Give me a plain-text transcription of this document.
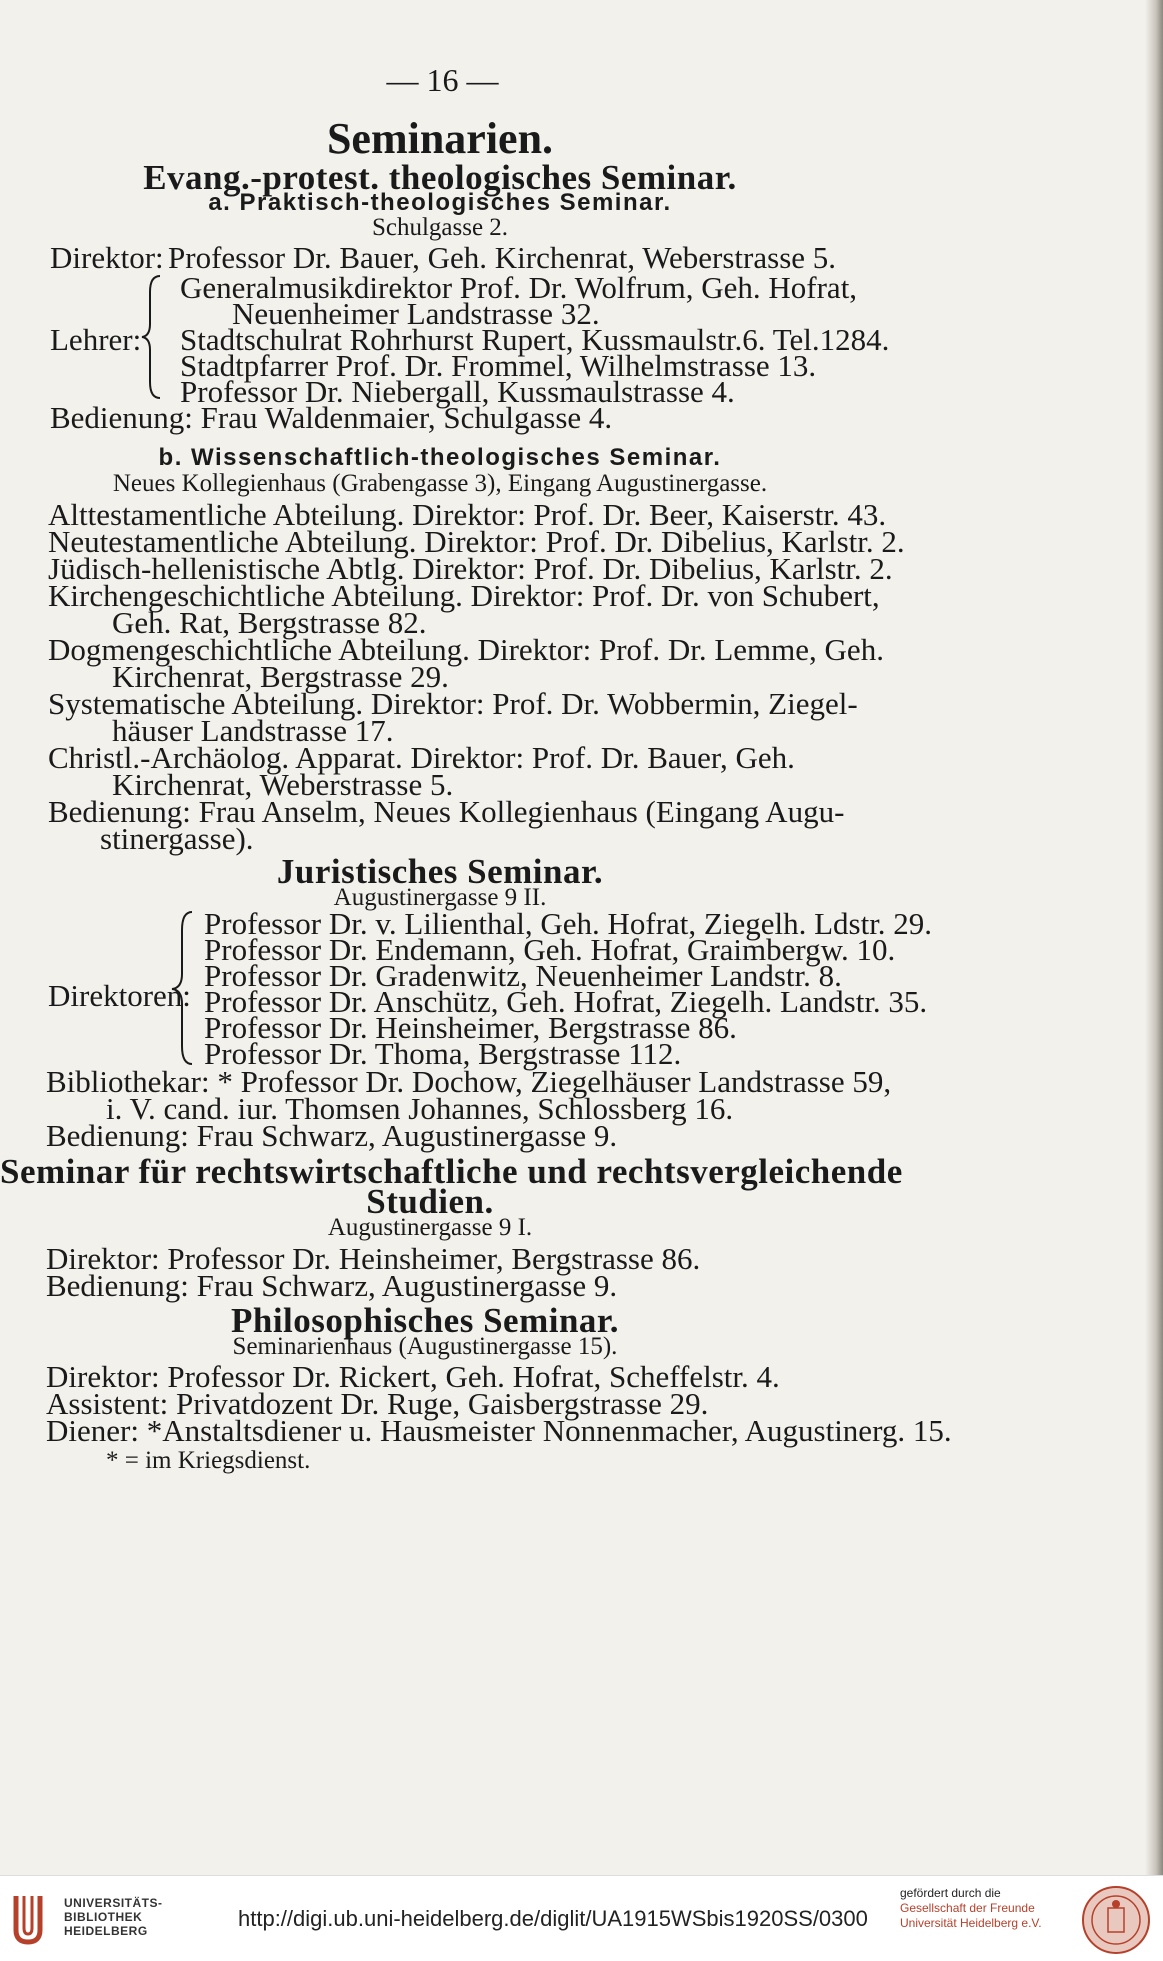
— 16 —
Seminarien.
Evang.-protest. theologisches Seminar.
a. Praktisch-theologisches Seminar.
Schulgasse 2.
Direktor: Professor Dr. Bauer, Geh. Kirchenrat, Weberstrasse 5.
Lehrer:
Generalmusikdirektor Prof. Dr. Wolfrum, Geh. Hofrat,
Neuenheimer Landstrasse 32.
Stadtschulrat Rohrhurst Rupert, Kussmaulstr.6. Tel.1284.
Stadtpfarrer Prof. Dr. Frommel, Wilhelmstrasse 13.
Professor Dr. Niebergall, Kussmaulstrasse 4.
Bedienung: Frau Waldenmaier, Schulgasse 4.
b. Wissenschaftlich-theologisches Seminar.
Neues Kollegienhaus (Grabengasse 3), Eingang Augustinergasse.
Alttestamentliche Abteilung. Direktor: Prof. Dr. Beer, Kaiserstr. 43.
Neutestamentliche Abteilung. Direktor: Prof. Dr. Dibelius, Karlstr. 2.
Jüdisch-hellenistische Abtlg. Direktor: Prof. Dr. Dibelius, Karlstr. 2.
Kirchengeschichtliche Abteilung. Direktor: Prof. Dr. von Schubert,
Geh. Rat, Bergstrasse 82.
Dogmengeschichtliche Abteilung. Direktor: Prof. Dr. Lemme, Geh.
Kirchenrat, Bergstrasse 29.
Systematische Abteilung. Direktor: Prof. Dr. Wobbermin, Ziegel-
häuser Landstrasse 17.
Christl.-Archäolog. Apparat. Direktor: Prof. Dr. Bauer, Geh.
Kirchenrat, Weberstrasse 5.
Bedienung: Frau Anselm, Neues Kollegienhaus (Eingang Augu-
stinergasse).
Juristisches Seminar.
Augustinergasse 9 II.
Direktoren:
Professor Dr. v. Lilienthal, Geh. Hofrat, Ziegelh. Ldstr. 29.
Professor Dr. Endemann, Geh. Hofrat, Graimbergw. 10.
Professor Dr. Gradenwitz, Neuenheimer Landstr. 8.
Professor Dr. Anschütz, Geh. Hofrat, Ziegelh. Landstr. 35.
Professor Dr. Heinsheimer, Bergstrasse 86.
Professor Dr. Thoma, Bergstrasse 112.
Bibliothekar: * Professor Dr. Dochow, Ziegelhäuser Landstrasse 59,
i. V. cand. iur. Thomsen Johannes, Schlossberg 16.
Bedienung: Frau Schwarz, Augustinergasse 9.
Seminar für rechtswirtschaftliche und rechtsvergleichende
Studien.
Augustinergasse 9 I.
Direktor: Professor Dr. Heinsheimer, Bergstrasse 86.
Bedienung: Frau Schwarz, Augustinergasse 9.
Philosophisches Seminar.
Seminarienhaus (Augustinergasse 15).
Direktor: Professor Dr. Rickert, Geh. Hofrat, Scheffelstr. 4.
Assistent: Privatdozent Dr. Ruge, Gaisbergstrasse 29.
Diener: *Anstaltsdiener u. Hausmeister Nonnenmacher, Augustinerg. 15.
* = im Kriegsdienst.
UNIVERSITÄTS-
BIBLIOTHEK
HEIDELBERG	http://digi.ub.uni-heidelberg.de/diglit/UA1915WSbis1920SS/0300
gefördert durch die
Gesellschaft der Freunde
Universität Heidelberg e.V.
